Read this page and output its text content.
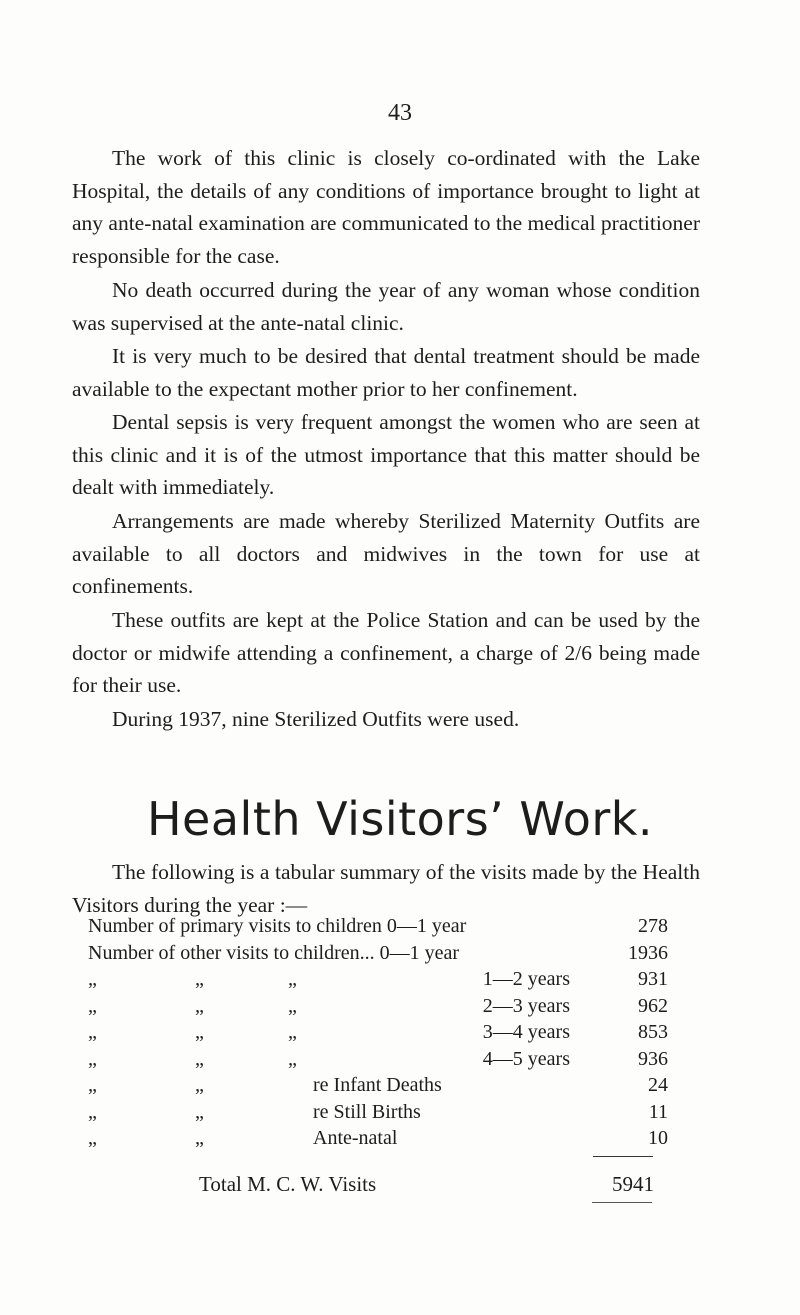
43

The work of this clinic is closely co-ordinated with the Lake Hospital, the details of any conditions of importance brought to light at any ante-natal examination are communicated to the medical practitioner responsible for the case.

No death occurred during the year of any woman whose condition was supervised at the ante-natal clinic.

It is very much to be desired that dental treatment should be made available to the expectant mother prior to her confinement.

Dental sepsis is very frequent amongst the women who are seen at this clinic and it is of the utmost importance that this matter should be dealt with immediately.

Arrangements are made whereby Sterilized Maternity Outfits are available to all doctors and midwives in the town for use at confinements.

These outfits are kept at the Police Station and can be used by the doctor or midwife attending a confinement, a charge of 2/6 being made for their use.

During 1937, nine Sterilized Outfits were used.

Health Visitors’ Work.

The following is a tabular summary of the visits made by the Health Visitors during the year :—

Number of primary visits to children 0—1 year	278
Number of other visits to children... 0—1 year	1936
„	„	„	1—2 years	931
„	„	„	2—3 years	962
„	„	„	3—4 years	853
„	„	„	4—5 years	936
„	„	re Infant Deaths	24
„	„	re Still Births	11
„	„	Ante-natal	10
Total M. C. W. Visits	5941
